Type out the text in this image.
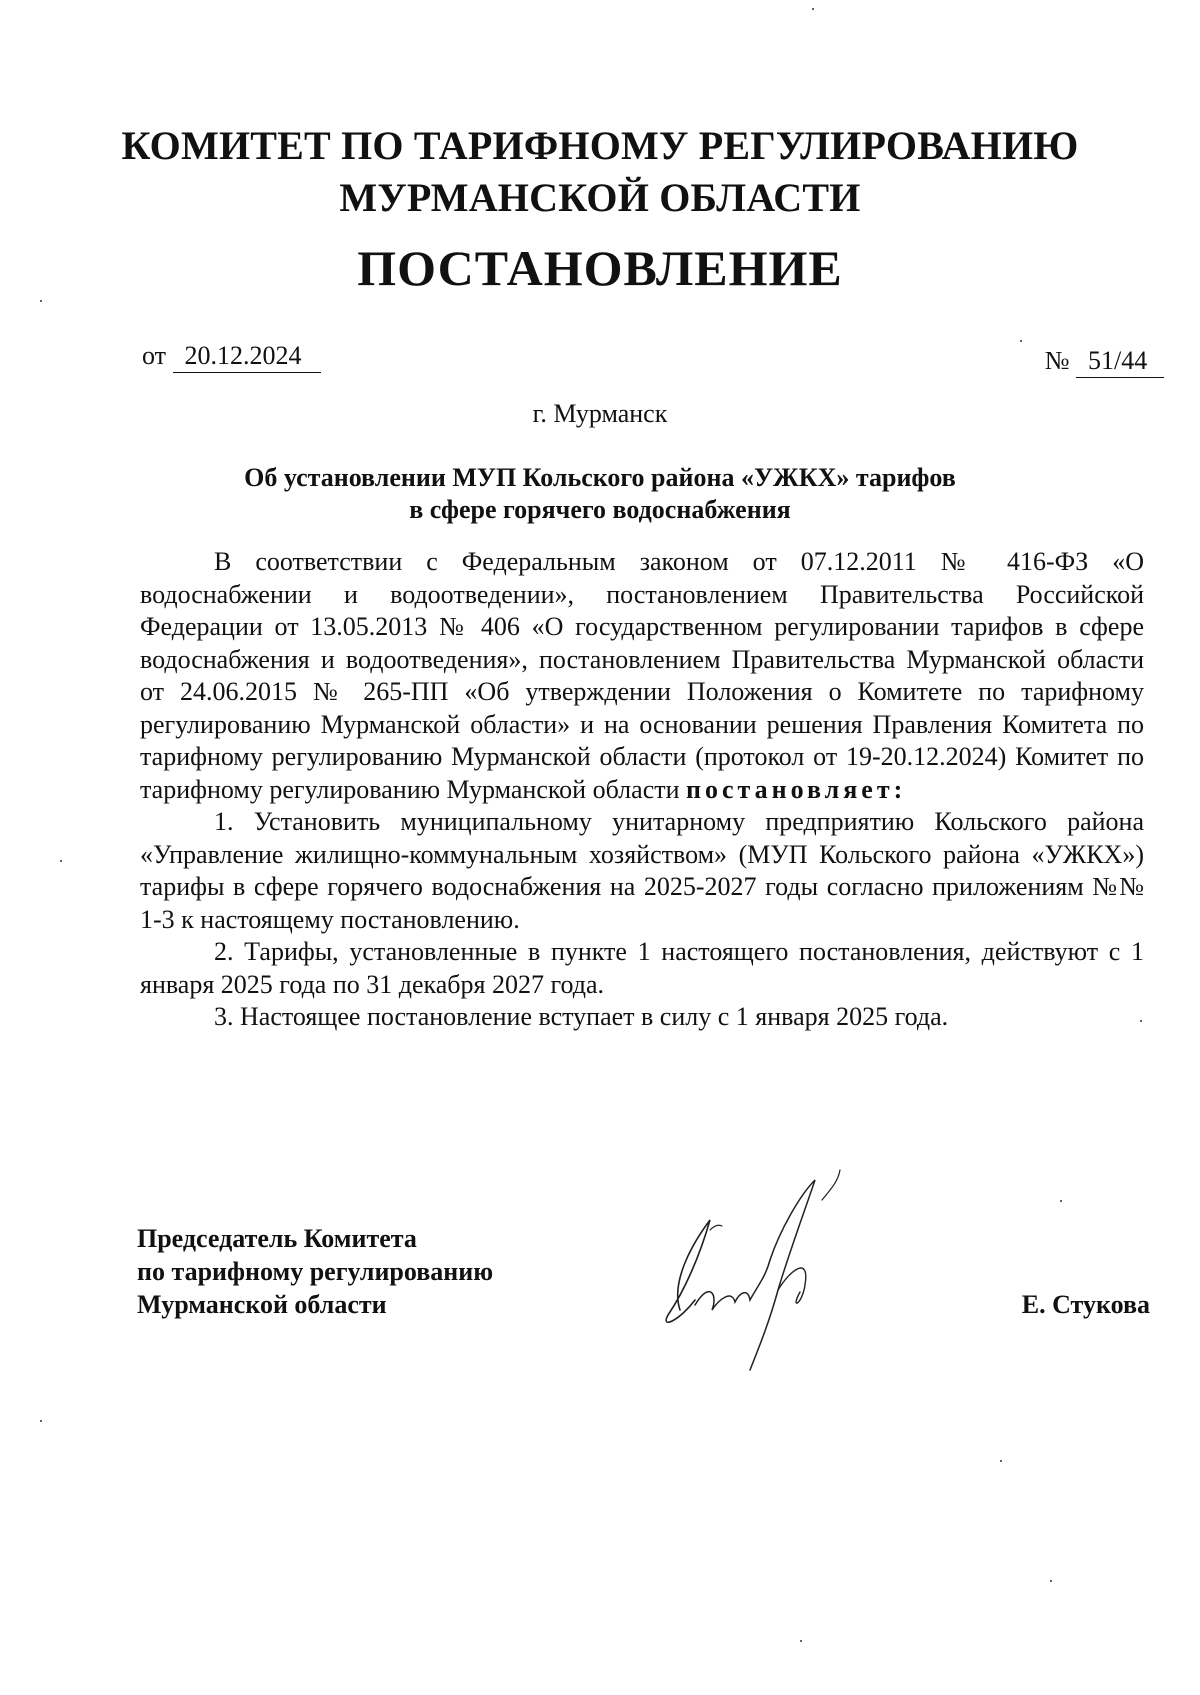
КОМИТЕТ ПО ТАРИФНОМУ РЕГУЛИРОВАНИЮ
МУРМАНСКОЙ ОБЛАСТИ
ПОСТАНОВЛЕНИЕ
от 20.12.2024	№ 51/44
г. Мурманск
Об установлении МУП Кольского района «УЖКХ» тарифов
в сфере горячего водоснабжения

В соответствии с Федеральным законом от 07.12.2011 № 416-ФЗ «О водоснабжении и водоотведении», постановлением Правительства Российской Федерации от 13.05.2013 № 406 «О государственном регулировании тарифов в сфере водоснабжения и водоотведения», постановлением Правительства Мурманской области от 24.06.2015 № 265-ПП «Об утверждении Положения о Комитете по тарифному регулированию Мурманской области» и на основании решения Правления Комитета по тарифному регулированию Мурманской области (протокол от 19-20.12.2024) Комитет по тарифному регулированию Мурманской области постановляет:

1. Установить муниципальному унитарному предприятию Кольского района «Управление жилищно-коммунальным хозяйством» (МУП Кольского района «УЖКХ») тарифы в сфере горячего водоснабжения на 2025-2027 годы согласно приложениям №№ 1-3 к настоящему постановлению.

2. Тарифы, установленные в пункте 1 настоящего постановления, действуют с 1 января 2025 года по 31 декабря 2027 года.

3. Настоящее постановление вступает в силу с 1 января 2025 года.

Председатель Комитета
по тарифному регулированию
Мурманской области	Е. Стукова
